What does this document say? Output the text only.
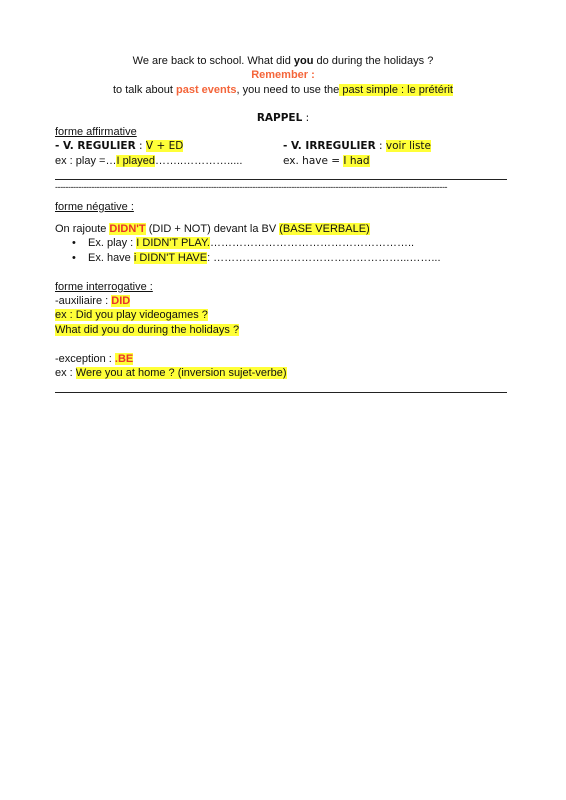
We are back to school. What did you do during the holidays ?
Remember :
to talk about past events, you need to use the past simple : le prétérit
RAPPEL :
forme affirmative
- V. REGULIER : V + ED	- V. IRREGULIER : voir liste
ex : play =…I played……..………….....	ex. have = I had
-------------------------------------------------------------------------------------------------------------------------------------------------------
forme négative :
On rajoute DIDN'T (DID + NOT) devant la BV (BASE VERBALE)
• Ex. play : I DIDN'T PLAY.………………………………………………..
• Ex. have i DIDN'T HAVE: ……………………………………………...……...
forme interrogative :
-auxiliaire : DID
ex : Did you play videogames ?
What did you do during the holidays ?
-exception : .BE
ex : Were you at home ? (inversion sujet-verbe)
